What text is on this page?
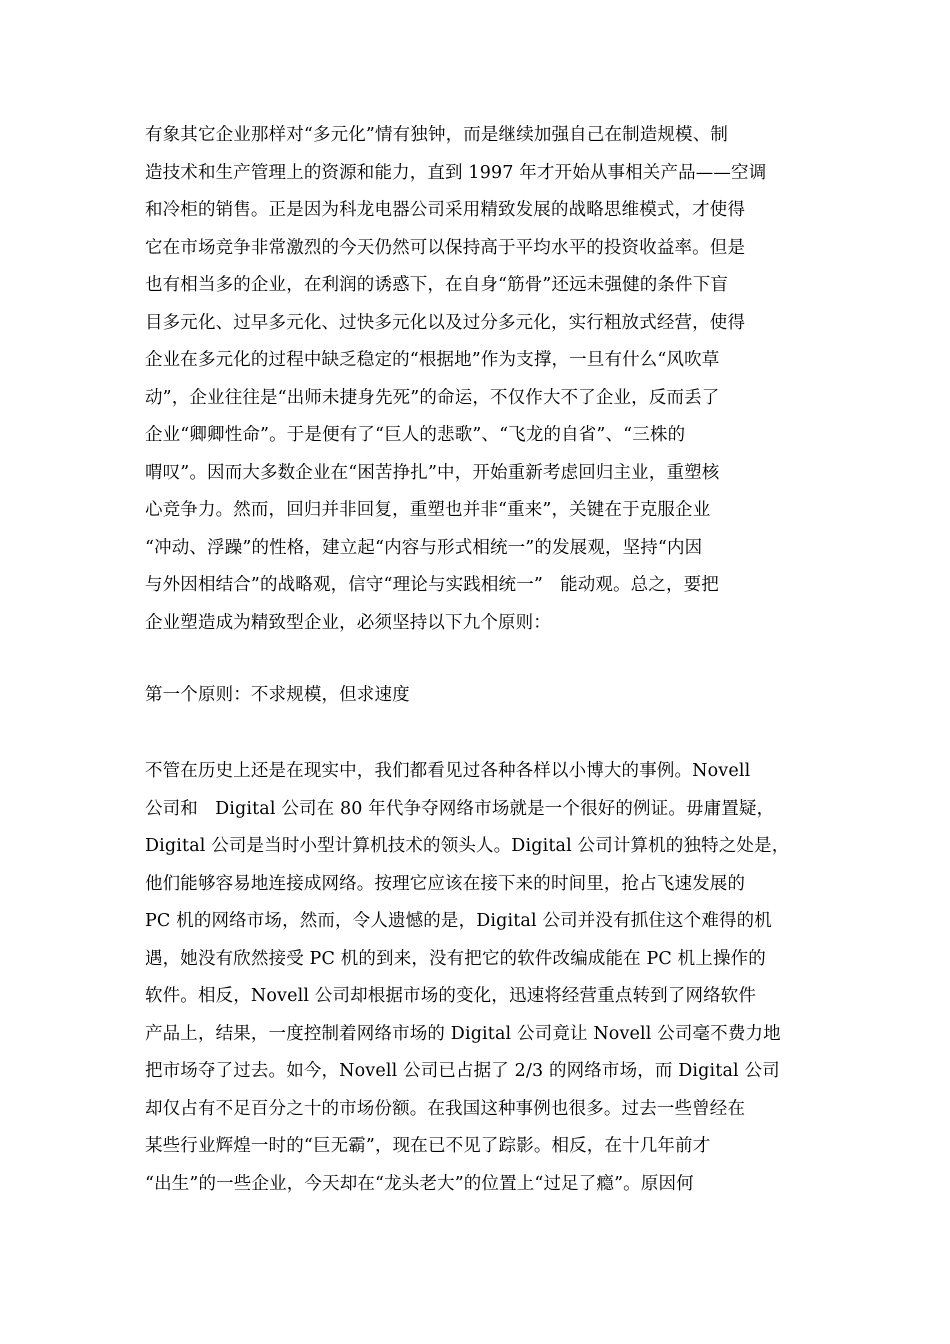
有象其它企业那样对“多元化”情有独钟，而是继续加强自己在制造规模、制
造技术和生产管理上的资源和能力，直到 1997 年才开始从事相关产品——空调
和冷柜的销售。正是因为科龙电器公司采用精致发展的战略思维模式，才使得
它在市场竞争非常激烈的今天仍然可以保持高于平均水平的投资收益率。但是
也有相当多的企业，在利润的诱惑下，在自身“筋骨”还远未强健的条件下盲
目多元化、过早多元化、过快多元化以及过分多元化，实行粗放式经营，使得
企业在多元化的过程中缺乏稳定的“根据地”作为支撑，一旦有什么“风吹草
动”，企业往往是“出师未捷身先死”的命运，不仅作大不了企业，反而丢了
企业“卿卿性命”。于是便有了“巨人的悲歌”、“飞龙的自省”、“三株的
喟叹”。因而大多数企业在“困苦挣扎”中，开始重新考虑回归主业，重塑核
心竞争力。然而，回归并非回复，重塑也并非“重来”，关键在于克服企业
“冲动、浮躁”的性格，建立起“内容与形式相统一”的发展观，坚持“内因
与外因相结合”的战略观，信守“理论与实践相统一”   能动观。总之，要把
企业塑造成为精致型企业，必须坚持以下九个原则：
第一个原则：不求规模，但求速度
不管在历史上还是在现实中，我们都看见过各种各样以小博大的事例。Novell
公司和   Digital 公司在 80 年代争夺网络市场就是一个很好的例证。毋庸置疑，
Digital 公司是当时小型计算机技术的领头人。Digital 公司计算机的独特之处是，
他们能够容易地连接成网络。按理它应该在接下来的时间里，抢占飞速发展的
PC 机的网络市场，然而，令人遗憾的是，Digital 公司并没有抓住这个难得的机
遇，她没有欣然接受 PC 机的到来，没有把它的软件改编成能在 PC 机上操作的
软件。相反，Novell 公司却根据市场的变化，迅速将经营重点转到了网络软件
产品上，结果，一度控制着网络市场的 Digital 公司竟让 Novell 公司毫不费力地
把市场夺了过去。如今，Novell 公司已占据了 2/3 的网络市场，而 Digital 公司
却仅占有不足百分之十的市场份额。在我国这种事例也很多。过去一些曾经在
某些行业辉煌一时的“巨无霸”，现在已不见了踪影。相反，在十几年前才
“出生”的一些企业，今天却在“龙头老大”的位置上“过足了瘾”。原因何
